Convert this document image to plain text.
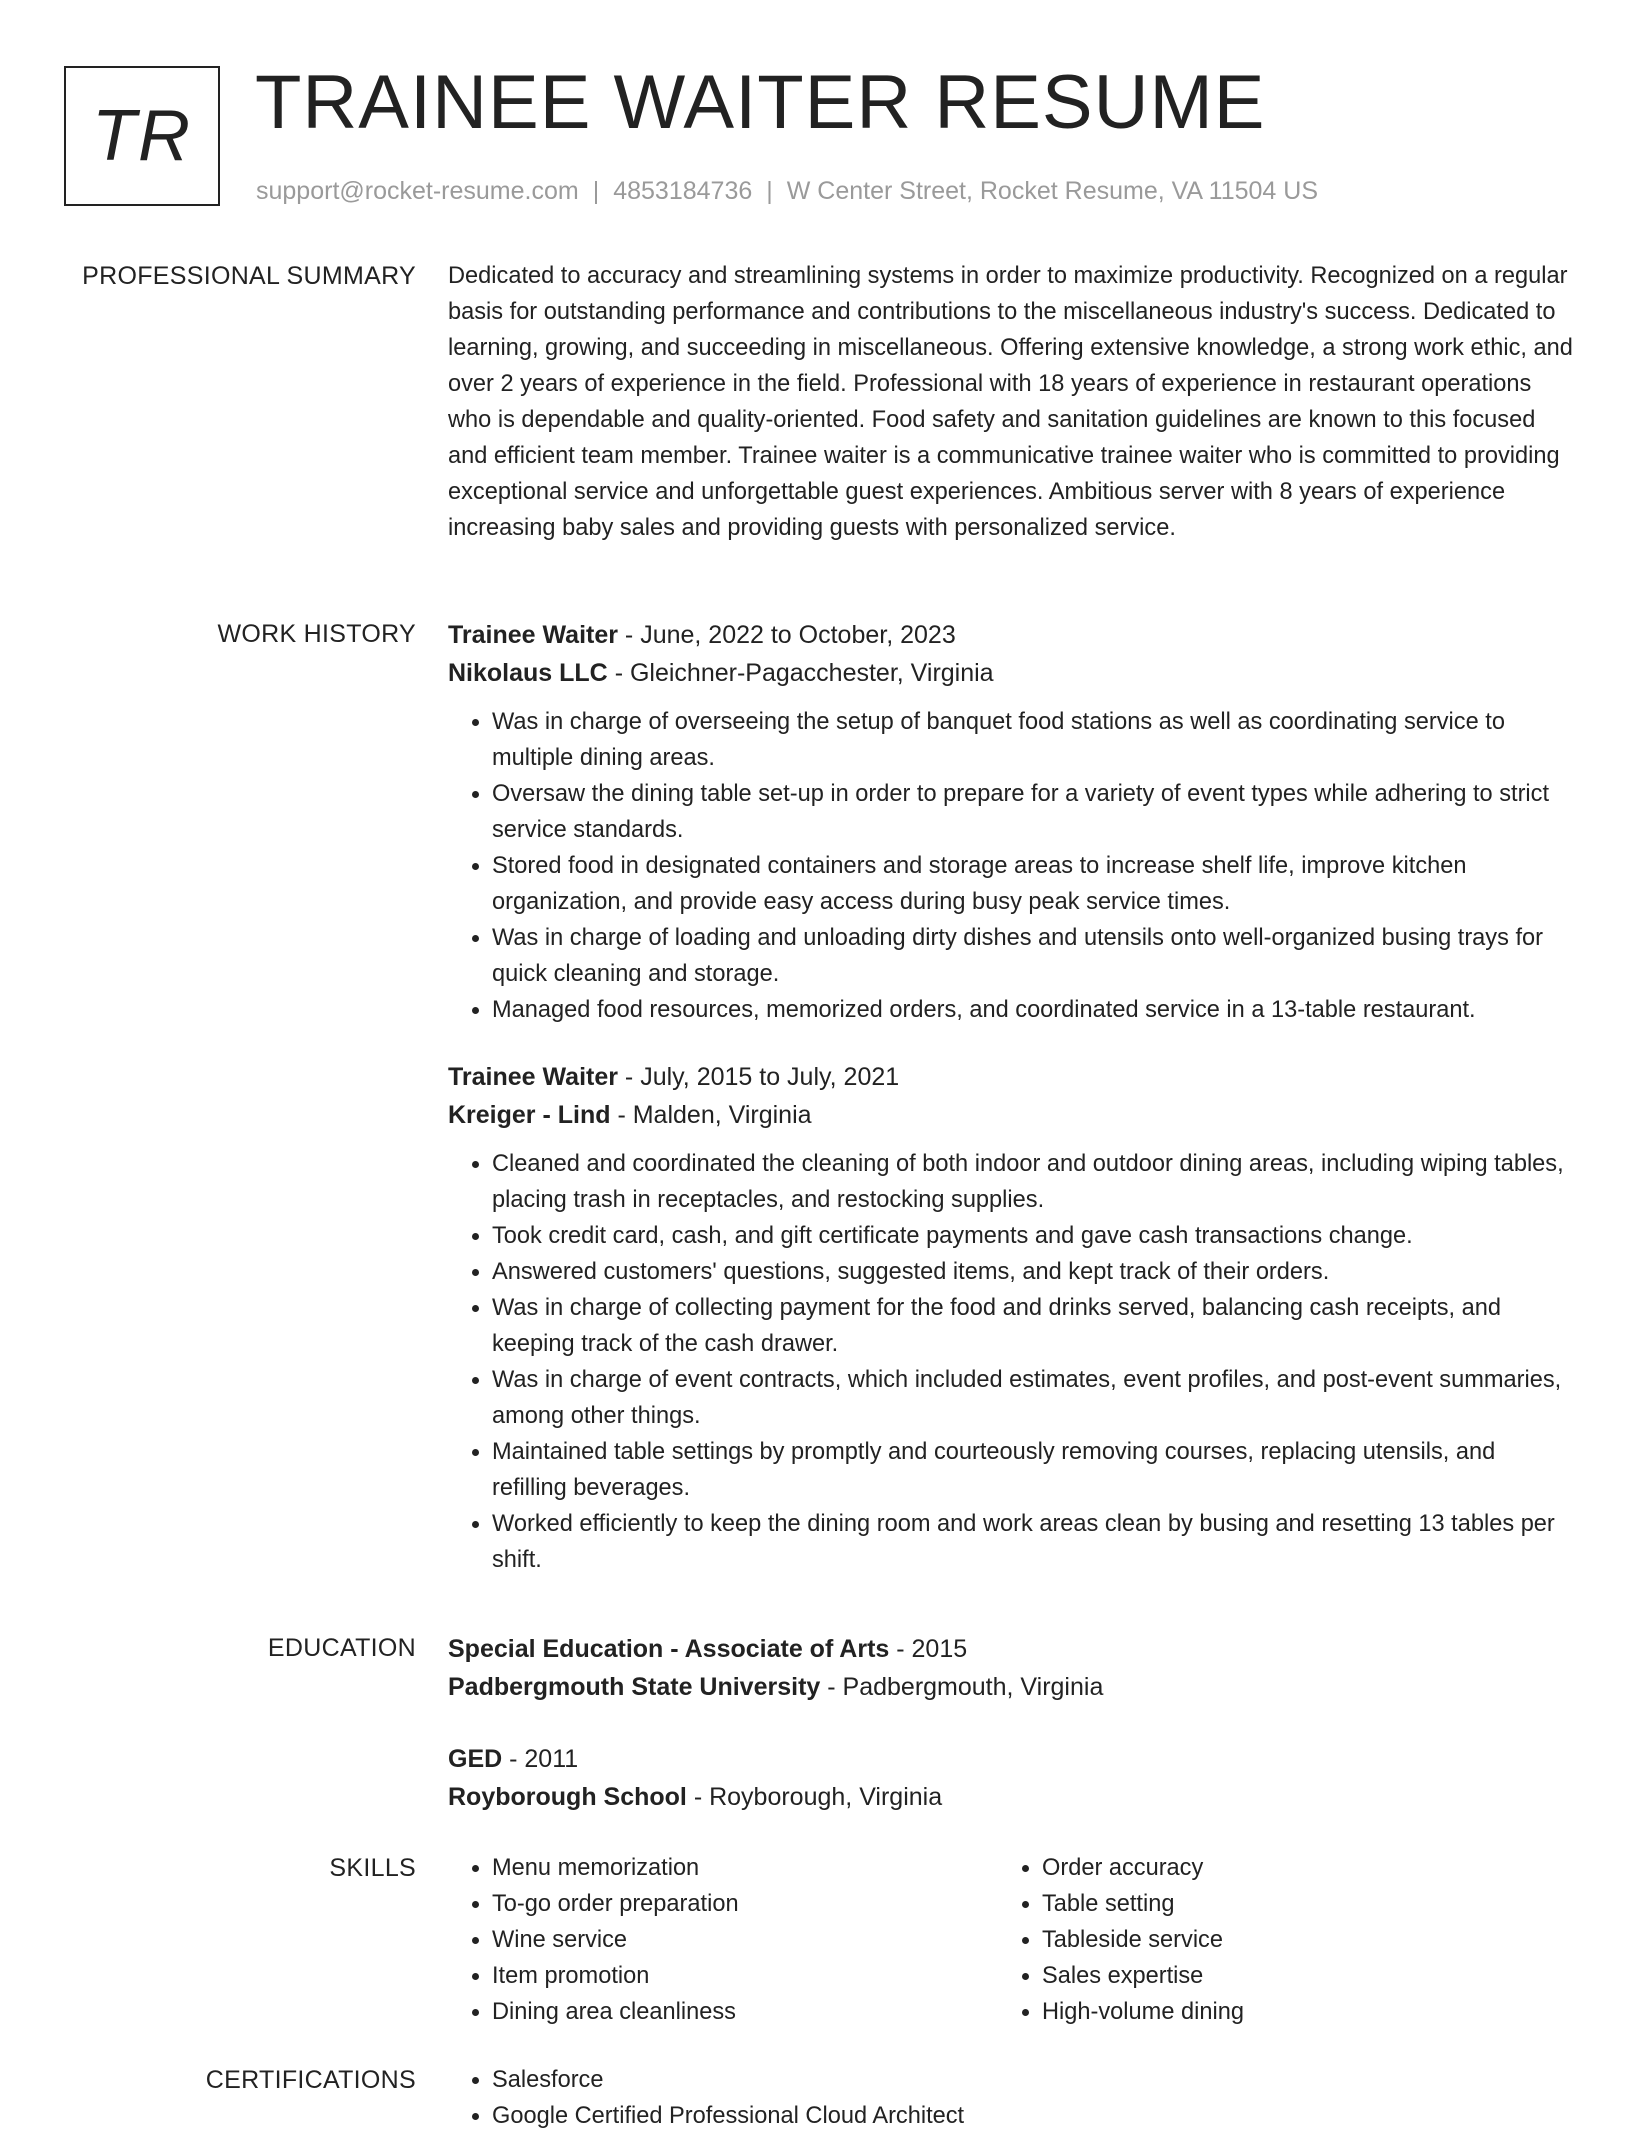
TR TRAINEE WAITER RESUME
support@rocket-resume.com | 4853184736 | W Center Street, Rocket Resume, VA 11504 US
PROFESSIONAL SUMMARY Dedicated to accuracy and streamlining systems in order to maximize productivity. Recognized on a regular basis for outstanding performance and contributions to the miscellaneous industry's success. Dedicated to learning, growing, and succeeding in miscellaneous. Offering extensive knowledge, a strong work ethic, and over 2 years of experience in the field. Professional with 18 years of experience in restaurant operations who is dependable and quality-oriented. Food safety and sanitation guidelines are known to this focused and efficient team member. Trainee waiter is a communicative trainee waiter who is committed to providing exceptional service and unforgettable guest experiences. Ambitious server with 8 years of experience increasing baby sales and providing guests with personalized service.

WORK HISTORY Trainee Waiter - June, 2022 to October, 2023
Nikolaus LLC - Gleichner-Pagacchester, Virginia
• Was in charge of overseeing the setup of banquet food stations as well as coordinating service to multiple dining areas.
• Oversaw the dining table set-up in order to prepare for a variety of event types while adhering to strict service standards.
• Stored food in designated containers and storage areas to increase shelf life, improve kitchen organization, and provide easy access during busy peak service times.
• Was in charge of loading and unloading dirty dishes and utensils onto well-organized busing trays for quick cleaning and storage.
• Managed food resources, memorized orders, and coordinated service in a 13-table restaurant.
Trainee Waiter - July, 2015 to July, 2021
Kreiger - Lind - Malden, Virginia
• Cleaned and coordinated the cleaning of both indoor and outdoor dining areas, including wiping tables, placing trash in receptacles, and restocking supplies.
• Took credit card, cash, and gift certificate payments and gave cash transactions change.
• Answered customers' questions, suggested items, and kept track of their orders.
• Was in charge of collecting payment for the food and drinks served, balancing cash receipts, and keeping track of the cash drawer.
• Was in charge of event contracts, which included estimates, event profiles, and post-event summaries, among other things.
• Maintained table settings by promptly and courteously removing courses, replacing utensils, and refilling beverages.
• Worked efficiently to keep the dining room and work areas clean by busing and resetting 13 tables per shift.
EDUCATION Special Education - Associate of Arts - 2015
Padbergmouth State University - Padbergmouth, Virginia
GED - 2011
Royborough School - Royborough, Virginia
SKILLS	• Menu memorization
• To-go order preparation
• Wine service
• Item promotion
• Dining area cleanliness
• Order accuracy
• Table setting
• Tableside service
• Sales expertise
• High-volume dining
CERTIFICATIONS	• Salesforce
• Google Certified Professional Cloud Architect
